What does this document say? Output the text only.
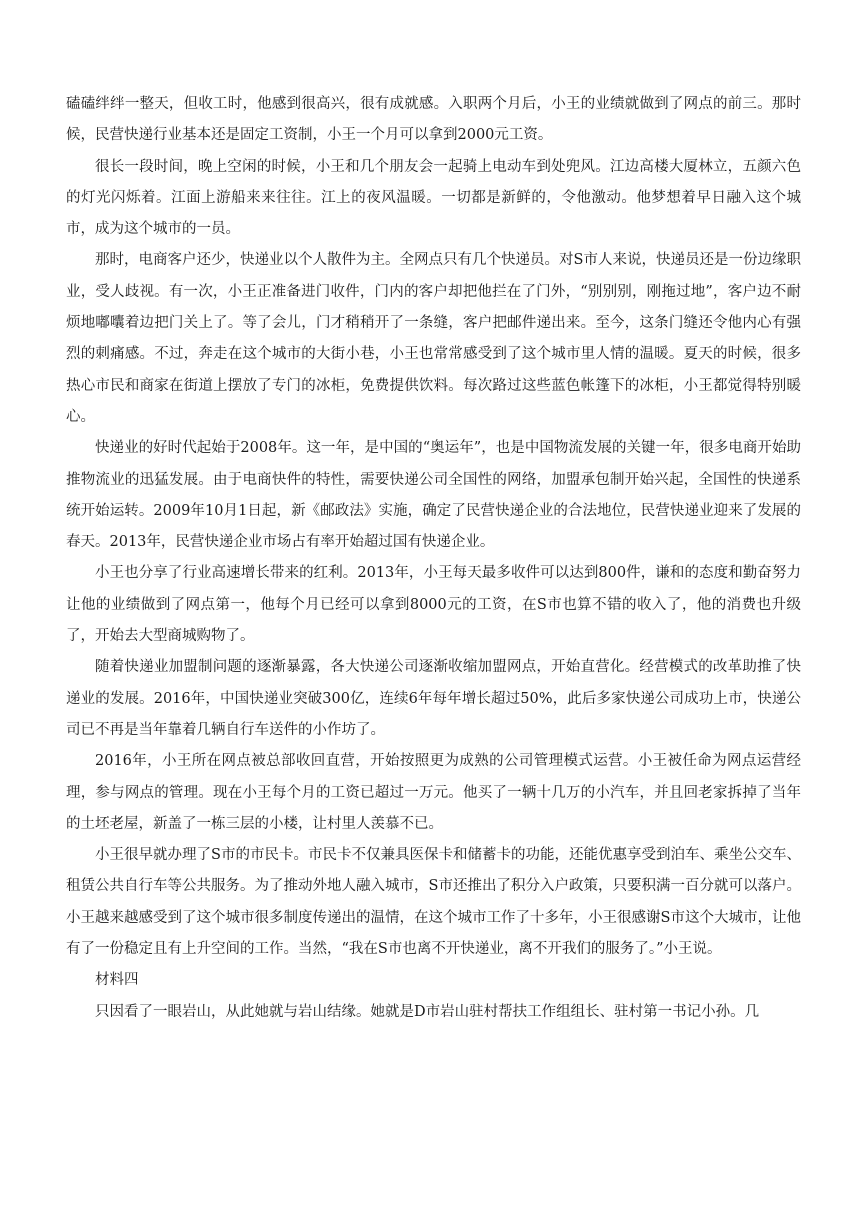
磕磕绊绊一整天，但收工时，他感到很高兴，很有成就感。入职两个月后，小王的业绩就做到了网点的前三。那时候，民营快递行业基本还是固定工资制，小王一个月可以拿到2000元工资。

很长一段时间，晚上空闲的时候，小王和几个朋友会一起骑上电动车到处兜风。江边高楼大厦林立，五颜六色的灯光闪烁着。江面上游船来来往往。江上的夜风温暖。一切都是新鲜的，令他激动。他梦想着早日融入这个城市，成为这个城市的一员。

那时，电商客户还少，快递业以个人散件为主。全网点只有几个快递员。对S市人来说，快递员还是一份边缘职业，受人歧视。有一次，小王正准备进门收件，门内的客户却把他拦在了门外，“别别别，刚拖过地”，客户边不耐烦地嘟囔着边把门关上了。等了会儿，门才稍稍开了一条缝，客户把邮件递出来。至今，这条门缝还令他内心有强烈的刺痛感。不过，奔走在这个城市的大街小巷，小王也常常感受到了这个城市里人情的温暖。夏天的时候，很多热心市民和商家在街道上摆放了专门的冰柜，免费提供饮料。每次路过这些蓝色帐篷下的冰柜，小王都觉得特别暖心。

快递业的好时代起始于2008年。这一年，是中国的“奥运年”，也是中国物流发展的关键一年，很多电商开始助推物流业的迅猛发展。由于电商快件的特性，需要快递公司全国性的网络，加盟承包制开始兴起，全国性的快递系统开始运转。2009年10月1日起，新《邮政法》实施，确定了民营快递企业的合法地位，民营快递业迎来了发展的春天。2013年，民营快递企业市场占有率开始超过国有快递企业。

小王也分享了行业高速增长带来的红利。2013年，小王每天最多收件可以达到800件，谦和的态度和勤奋努力让他的业绩做到了网点第一，他每个月已经可以拿到8000元的工资，在S市也算不错的收入了，他的消费也升级了，开始去大型商城购物了。

随着快递业加盟制问题的逐渐暴露，各大快递公司逐渐收缩加盟网点，开始直营化。经营模式的改革助推了快递业的发展。2016年，中国快递业突破300亿，连续6年每年增长超过50%，此后多家快递公司成功上市，快递公司已不再是当年靠着几辆自行车送件的小作坊了。

2016年，小王所在网点被总部收回直营，开始按照更为成熟的公司管理模式运营。小王被任命为网点运营经理，参与网点的管理。现在小王每个月的工资已超过一万元。他买了一辆十几万的小汽车，并且回老家拆掉了当年的土坯老屋，新盖了一栋三层的小楼，让村里人羡慕不已。

小王很早就办理了S市的市民卡。市民卡不仅兼具医保卡和储蓄卡的功能，还能优惠享受到泊车、乘坐公交车、租赁公共自行车等公共服务。为了推动外地人融入城市，S市还推出了积分入户政策，只要积满一百分就可以落户。小王越来越感受到了这个城市很多制度传递出的温情，在这个城市工作了十多年，小王很感谢S市这个大城市，让他有了一份稳定且有上升空间的工作。当然，“我在S市也离不开快递业，离不开我们的服务了。”小王说。

材料四

只因看了一眼岩山，从此她就与岩山结缘。她就是D市岩山驻村帮扶工作组组长、驻村第一书记小孙。几
